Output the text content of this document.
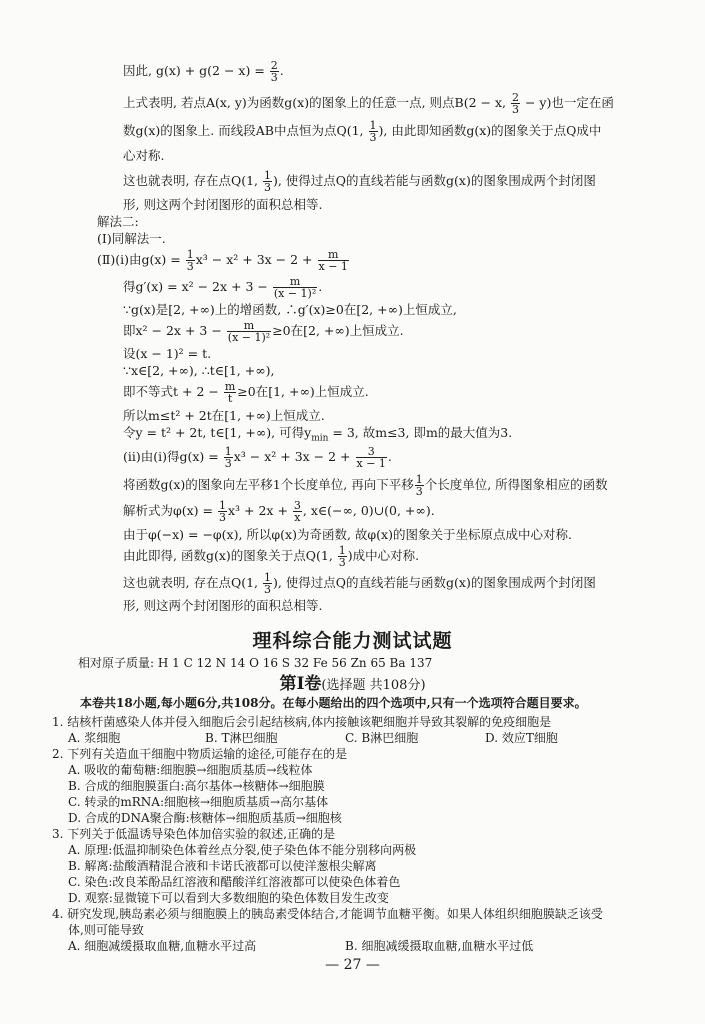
因此, $g(x) + g(2 - x) = \frac{2}{3}$ .
上式表明, 若点A(x, y)为函数g(x)的图象上的任意一点, 则点B(2 − x, $\frac{2}{3} - y$)也一定在函
数g(x)的图象上. 而线段AB中点恒为点Q(1, $\frac{1}{3}$ ), 由此即知函数g(x)的图象关于点Q成中
心对称.
这也就表明, 存在点Q(1, $\frac{1}{3}$ ), 使得过点Q的直线若能与函数g(x)的图象围成两个封闭图
形, 则这两个封闭图形的面积总相等.
解法二:
(Ⅰ)同解法一.
(Ⅱ)(ⅰ)由$g(x) = \frac{1}{3} x^3 - x^2 + 3x - 2 + \frac{m}{x - 1}$
得$g'(x) = x^2 - 2x + 3 - \frac{m}{\text{(x − 1)²}}$ .
∵g(x)是[2, +∞)上的增函数, ∴g′(x)≥0在[2, +∞)上恒成立,
即$x^2 - 2x + 3 - \frac{m}{\text{(x − 1)²}} \ge 0$在[2, +∞)上恒成立.
设(x − 1)² = t.
∵x∈[2, +∞), ∴t∈[1, +∞),
即不等式$t + 2 - \frac{m}{t} \ge 0$在[1, +∞)上恒成立.
所以m≤t² + 2t在[1, +∞)上恒成立.
令y = t² + 2t, t∈[1, +∞), 可得$y_{min} = 3$, 故m≤3, 即m的最大值为3.
(ⅱ)由(ⅰ)得$g(x) = \frac{1}{3} x^3 - x^2 + 3x - 2 + \frac{3}{x - 1}$ .
将函数g(x)的图象向左平移1个长度单位, 再向下平移 $\frac{1}{3}$ 个长度单位, 所得图象相应的函数
解析式为$\varphi(x) = \frac{1}{3} x^3 + 2x + \frac{3}{x}$ , x∈(−∞, 0)∪(0, +∞).
由于φ(−x) = −φ(x), 所以φ(x)为奇函数, 故φ(x)的图象关于坐标原点成中心对称.
由此即得, 函数g(x)的图象关于点Q(1, $\frac{1}{3}$ )成中心对称.
这也就表明, 存在点Q(1, $\frac{1}{3}$ ), 使得过点Q的直线若能与函数g(x)的图象围成两个封闭图
形, 则这两个封闭图形的面积总相等.
理科综合能力测试试题
相对原子质量: H 1 C 12 N 14 O 16 S 32 Fe 56 Zn 65 Ba 137
第Ⅰ卷(选择题 共108分)
本卷共18小题,每小题6分,共108分。在每小题给出的四个选项中,只有一个选项符合题目要求。
1. 结核杆菌感染人体并侵入细胞后会引起结核病,体内接触该靶细胞并导致其裂解的免疫细胞是
A. 浆细胞	B. T淋巴细胞	C. B淋巴细胞	D. 效应T细胞
2. 下列有关造血干细胞中物质运输的途径,可能存在的是
A. 吸收的葡萄糖:细胞膜→细胞质基质→线粒体
B. 合成的细胞膜蛋白:高尔基体→核糖体→细胞膜
C. 转录的mRNA:细胞核→细胞质基质→高尔基体
D. 合成的DNA聚合酶:核糖体→细胞质基质→细胞核
3. 下列关于低温诱导染色体加倍实验的叙述,正确的是
A. 原理:低温抑制染色体着丝点分裂,使子染色体不能分别移向两极
B. 解离:盐酸酒精混合液和卡诺氏液都可以使洋葱根尖解离
C. 染色:改良苯酚品红溶液和醋酸洋红溶液都可以使染色体着色
D. 观察:显微镜下可以看到大多数细胞的染色体数目发生改变
4. 研究发现,胰岛素必须与细胞膜上的胰岛素受体结合,才能调节血糖平衡。如果人体组织细胞膜缺乏该受
体,则可能导致
A. 细胞减缓摄取血糖,血糖水平过高	B. 细胞减缓摄取血糖,血糖水平过低
— 27 —
